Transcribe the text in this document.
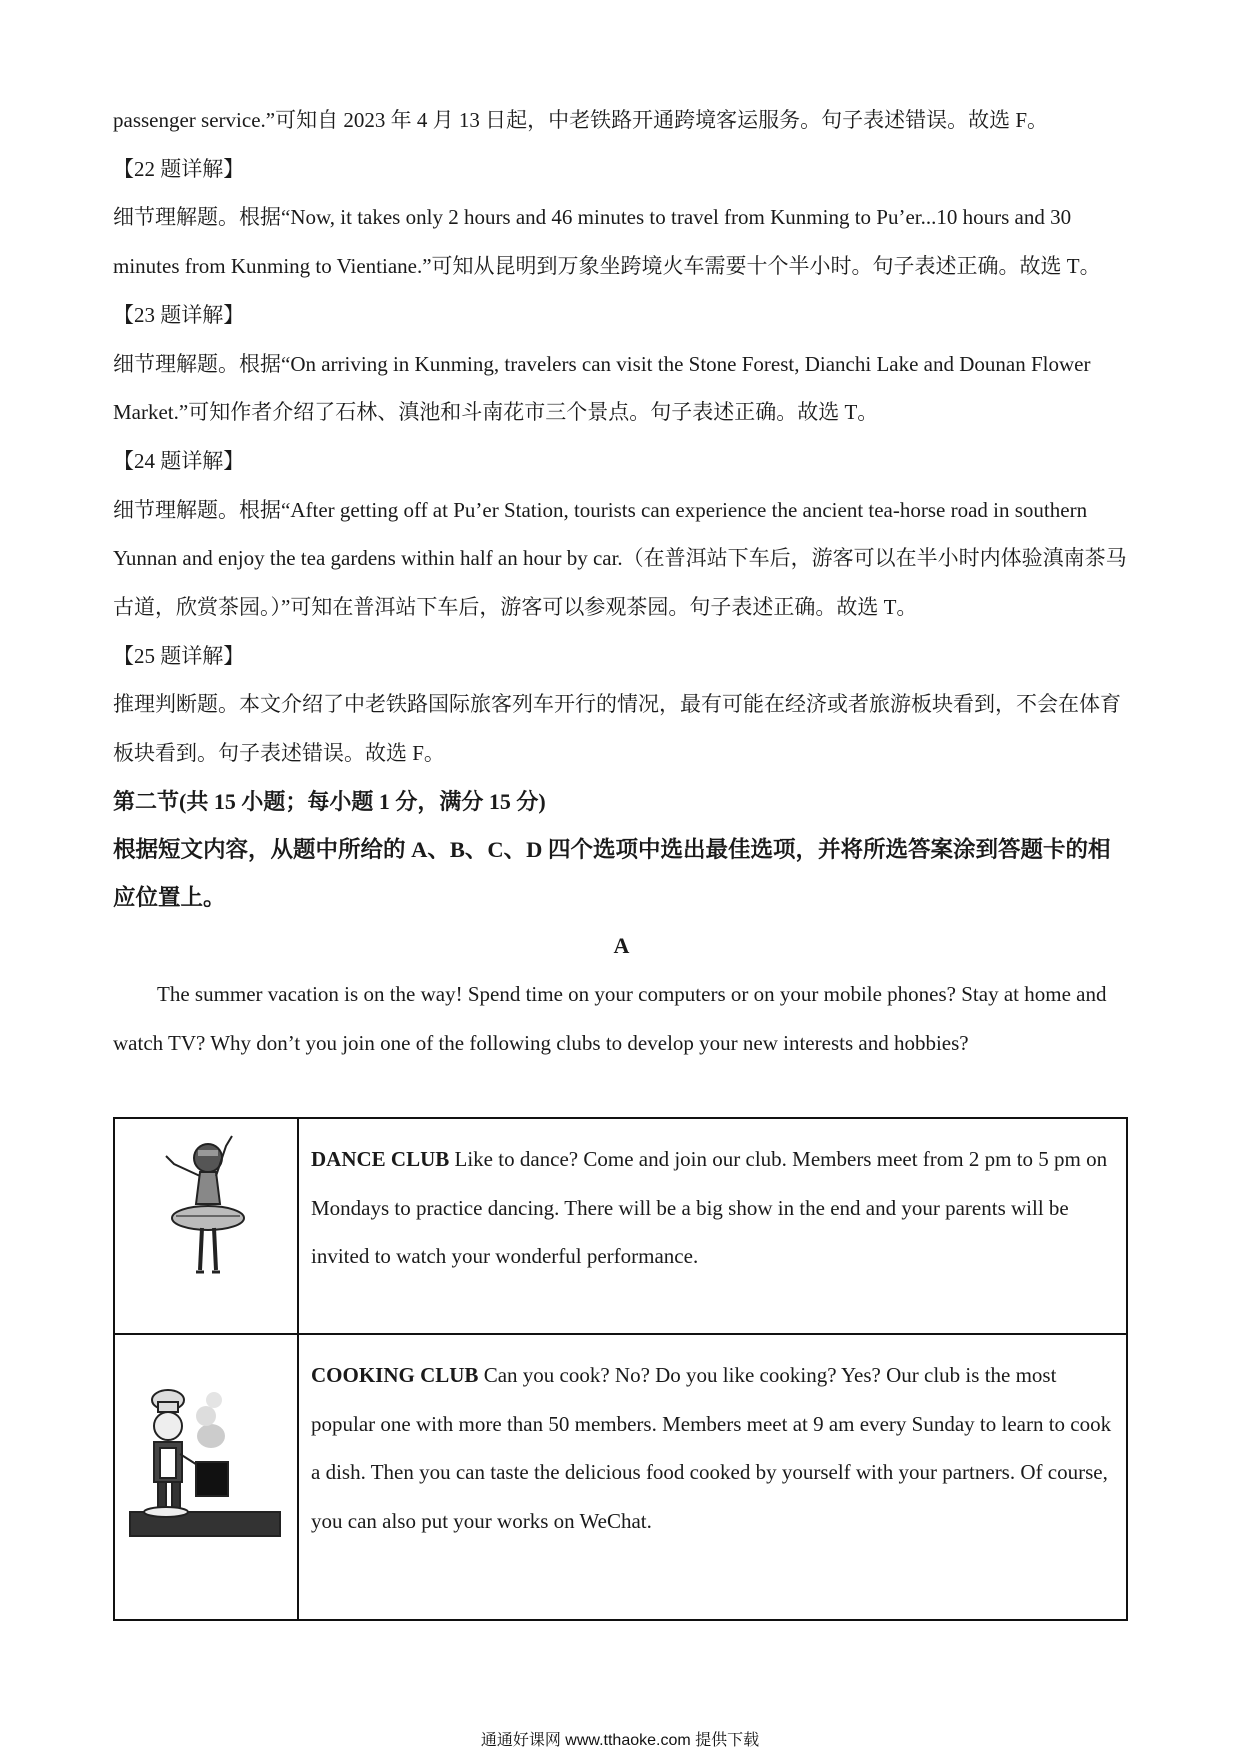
passenger service.”可知自 2023 年 4 月 13 日起，中老铁路开通跨境客运服务。句子表述错误。故选 F。

【22 题详解】

细节理解题。根据“Now, it takes only 2 hours and 46 minutes to travel from Kunming to Pu’er...10 hours and 30 minutes from Kunming to Vientiane.”可知从昆明到万象坐跨境火车需要十个半小时。句子表述正确。故选 T。

【23 题详解】

细节理解题。根据“On arriving in Kunming, travelers can visit the Stone Forest, Dianchi Lake and Dounan Flower Market.”可知作者介绍了石林、滇池和斗南花市三个景点。句子表述正确。故选 T。

【24 题详解】

细节理解题。根据“After getting off at Pu’er Station, tourists can experience the ancient tea-horse road in southern Yunnan and enjoy the tea gardens within half an hour by car.（在普洱站下车后，游客可以在半小时内体验滇南茶马古道，欣赏茶园。）”可知在普洱站下车后，游客可以参观茶园。句子表述正确。故选 T。

【25 题详解】

推理判断题。本文介绍了中老铁路国际旅客列车开行的情况，最有可能在经济或者旅游板块看到，不会在体育板块看到。句子表述错误。故选 F。

第二节(共 15 小题；每小题 1 分，满分 15 分)

根据短文内容，从题中所给的 A、B、C、D 四个选项中选出最佳选项，并将所选答案涂到答题卡的相应位置上。

A

The summer vacation is on the way! Spend time on your computers or on your mobile phones? Stay at home and watch TV? Why don’t you join one of the following clubs to develop your new interests and hobbies?

	DANCE CLUB Like to dance? Come and join our club. Members meet from 2 pm to 5 pm on Mondays to practice dancing. There will be a big show in the end and your parents will be invited to watch your wonderful performance.
	COOKING CLUB Can you cook? No? Do you like cooking? Yes? Our club is the most popular one with more than 50 members. Members meet at 9 am every Sunday to learn to cook a dish. Then you can taste the delicious food cooked by yourself with your partners. Of course, you can also put your works on WeChat.
通通好课网 www.tthaoke.com 提供下载
